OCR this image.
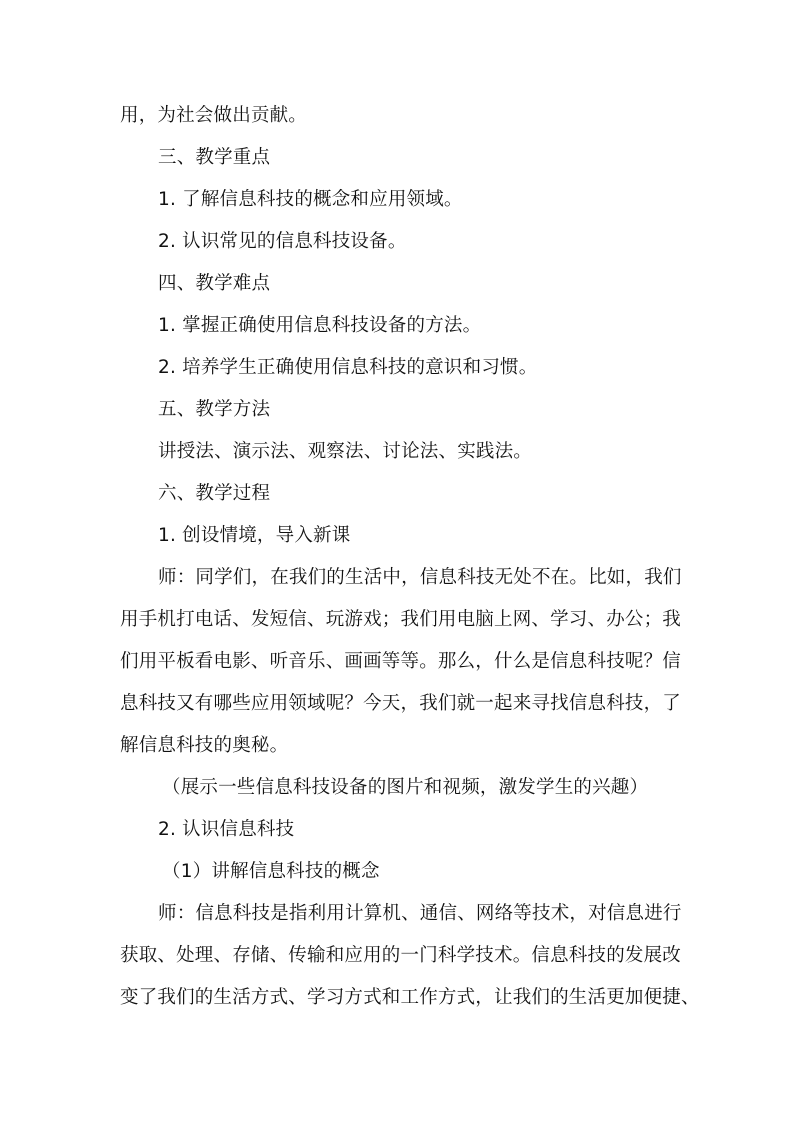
用，为社会做出贡献。
三、教学重点
1. 了解信息科技的概念和应用领域。
2. 认识常见的信息科技设备。
四、教学难点
1. 掌握正确使用信息科技设备的方法。
2. 培养学生正确使用信息科技的意识和习惯。
五、教学方法
讲授法、演示法、观察法、讨论法、实践法。
六、教学过程
1. 创设情境，导入新课
师：同学们，在我们的生活中，信息科技无处不在。比如，我们
用手机打电话、发短信、玩游戏；我们用电脑上网、学习、办公；我
们用平板看电影、听音乐、画画等等。那么，什么是信息科技呢？信
息科技又有哪些应用领域呢？今天，我们就一起来寻找信息科技，了
解信息科技的奥秘。
（展示一些信息科技设备的图片和视频，激发学生的兴趣）
2. 认识信息科技
（1）讲解信息科技的概念
师：信息科技是指利用计算机、通信、网络等技术，对信息进行
获取、处理、存储、传输和应用的一门科学技术。信息科技的发展改
变了我们的生活方式、学习方式和工作方式，让我们的生活更加便捷、
